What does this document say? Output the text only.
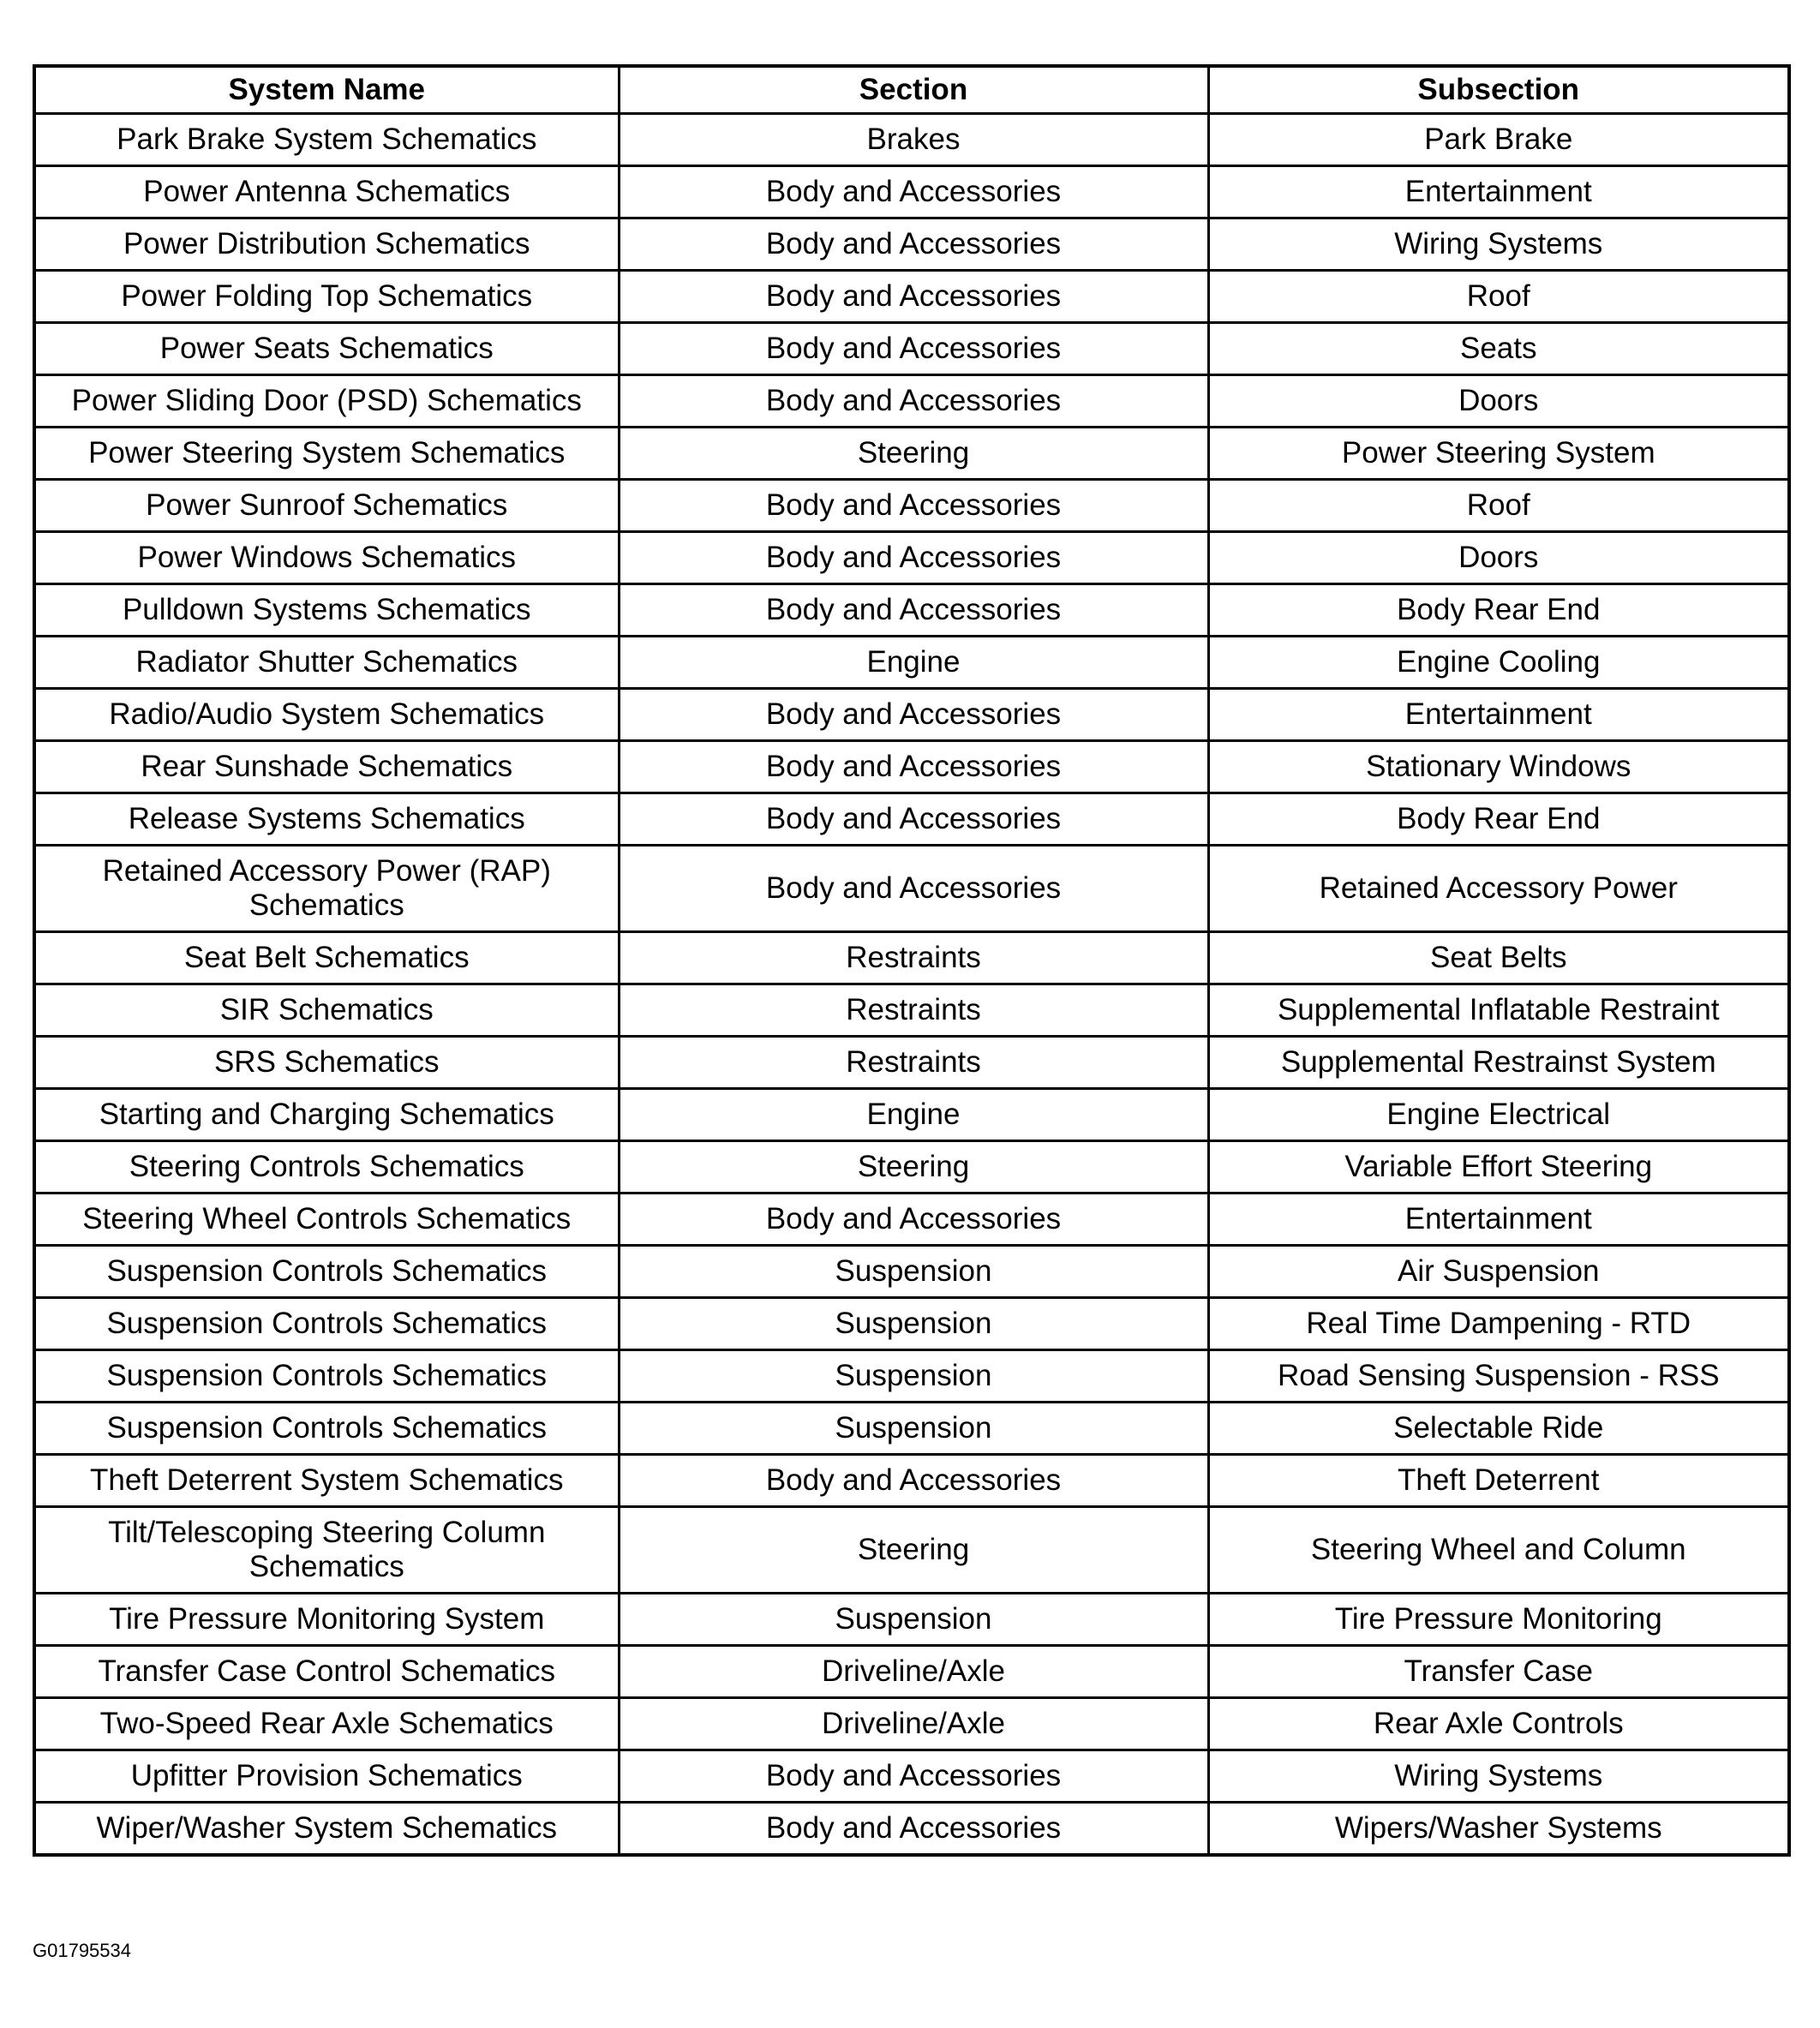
System Name	Section	Subsection
Park Brake System Schematics	Brakes	Park Brake
Power Antenna Schematics	Body and Accessories	Entertainment
Power Distribution Schematics	Body and Accessories	Wiring Systems
Power Folding Top Schematics	Body and Accessories	Roof
Power Seats Schematics	Body and Accessories	Seats
Power Sliding Door (PSD) Schematics	Body and Accessories	Doors
Power Steering System Schematics	Steering	Power Steering System
Power Sunroof Schematics	Body and Accessories	Roof
Power Windows Schematics	Body and Accessories	Doors
Pulldown Systems Schematics	Body and Accessories	Body Rear End
Radiator Shutter Schematics	Engine	Engine Cooling
Radio/Audio System Schematics	Body and Accessories	Entertainment
Rear Sunshade Schematics	Body and Accessories	Stationary Windows
Release Systems Schematics	Body and Accessories	Body Rear End
Retained Accessory Power (RAP) Schematics	Body and Accessories	Retained Accessory Power
Seat Belt Schematics	Restraints	Seat Belts
SIR Schematics	Restraints	Supplemental Inflatable Restraint
SRS Schematics	Restraints	Supplemental Restrainst System
Starting and Charging Schematics	Engine	Engine Electrical
Steering Controls Schematics	Steering	Variable Effort Steering
Steering Wheel Controls Schematics	Body and Accessories	Entertainment
Suspension Controls Schematics	Suspension	Air Suspension
Suspension Controls Schematics	Suspension	Real Time Dampening - RTD
Suspension Controls Schematics	Suspension	Road Sensing Suspension - RSS
Suspension Controls Schematics	Suspension	Selectable Ride
Theft Deterrent System Schematics	Body and Accessories	Theft Deterrent
Tilt/Telescoping Steering Column Schematics	Steering	Steering Wheel and Column
Tire Pressure Monitoring System	Suspension	Tire Pressure Monitoring
Transfer Case Control Schematics	Driveline/Axle	Transfer Case
Two-Speed Rear Axle Schematics	Driveline/Axle	Rear Axle Controls
Upfitter Provision Schematics	Body and Accessories	Wiring Systems
Wiper/Washer System Schematics	Body and Accessories	Wipers/Washer Systems
G01795534
